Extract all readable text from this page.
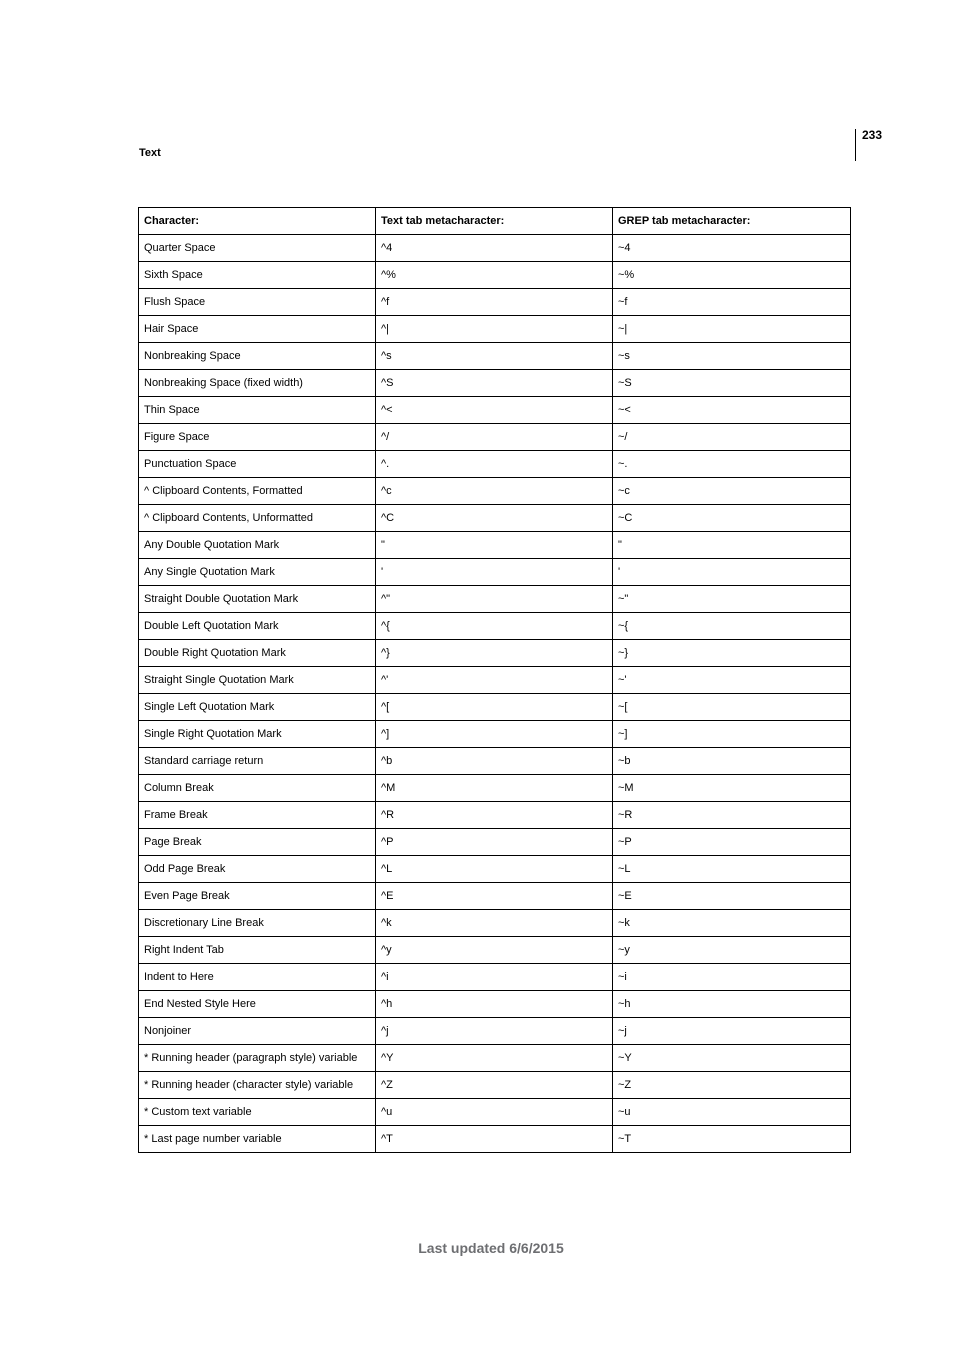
233
Text
Character:	Text tab metacharacter:	GREP tab metacharacter:
Quarter Space	^4	~4
Sixth Space	^%	~%
Flush Space	^f	~f
Hair Space	^|	~|
Nonbreaking Space	^s	~s
Nonbreaking Space (fixed width)	^S	~S
Thin Space	^<	~<
Figure Space	^/	~/
Punctuation Space	^.	~.
^ Clipboard Contents, Formatted	^c	~c
^ Clipboard Contents, Unformatted	^C	~C
Any Double Quotation Mark	"	"
Any Single Quotation Mark	'	'
Straight Double Quotation Mark	^"	~"
Double Left Quotation Mark	^{	~{
Double Right Quotation Mark	^}	~}
Straight Single Quotation Mark	^'	~'
Single Left Quotation Mark	^[	~[
Single Right Quotation Mark	^]	~]
Standard carriage return	^b	~b
Column Break	^M	~M
Frame Break	^R	~R
Page Break	^P	~P
Odd Page Break	^L	~L
Even Page Break	^E	~E
Discretionary Line Break	^k	~k
Right Indent Tab	^y	~y
Indent to Here	^i	~i
End Nested Style Here	^h	~h
Nonjoiner	^j	~j
* Running header (paragraph style) variable	^Y	~Y
* Running header (character style) variable	^Z	~Z
* Custom text variable	^u	~u
* Last page number variable	^T	~T
Last updated 6/6/2015
